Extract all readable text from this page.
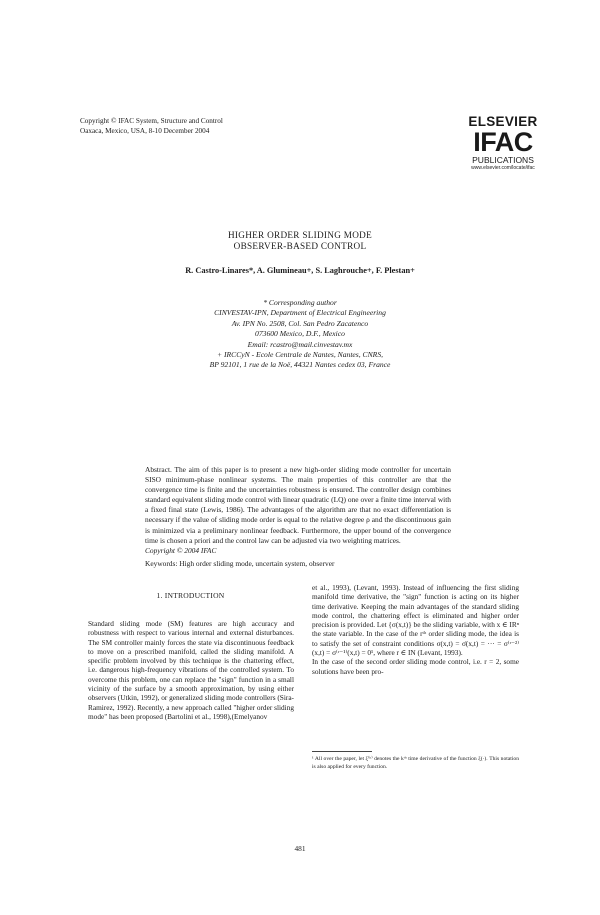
Copyright © IFAC System, Structure and Control
Oaxaca, Mexico, USA, 8-10 December 2004
ELSEVIER
IFAC
PUBLICATIONS
www.elsevier.com/locate/ifac
HIGHER ORDER SLIDING MODE
OBSERVER-BASED CONTROL
R. Castro-Linares*, A. Glumineau+, S. Laghrouche+, F. Plestan+
* Corresponding author
CINVESTAV-IPN, Department of Electrical Engineering
Av. IPN No. 2508, Col. San Pedro Zacatenco
073600 Mexico, D.F., Mexico
Email: rcastro@mail.cinvestav.mx
+ IRCCyN - Ecole Centrale de Nantes, Nantes, CNRS,
BP 92101, 1 rue de la Noë, 44321 Nantes cedex 03, France

Abstract. The aim of this paper is to present a new high-order sliding mode controller for uncertain SISO minimum-phase nonlinear systems. The main properties of this controller are that the convergence time is finite and the uncertainties robustness is ensured. The controller design combines standard equivalent sliding mode control with linear quadratic (LQ) one over a finite time interval with a fixed final state (Lewis, 1986). The advantages of the algorithm are that no exact differentiation is necessary if the value of sliding mode order is equal to the relative degree ρ and the discontinuous gain is minimized via a preliminary nonlinear feedback. Furthermore, the upper bound of the convergence time is chosen a priori and the control law can be adjusted via two weighting matrices.

Copyright © 2004 IFAC

Keywords: High order sliding mode, uncertain system, observer
1. INTRODUCTION

Standard sliding mode (SM) features are high accuracy and robustness with respect to various internal and external disturbances. The SM controller mainly forces the state via discontinuous feedback to move on a prescribed manifold, called the sliding manifold. A specific problem involved by this technique is the chattering effect, i.e. dangerous high-frequency vibrations of the controlled system. To overcome this problem, one can replace the "sign" function in a small vicinity of the surface by a smooth approximation, by using either observers (Utkin, 1992), or generalized sliding mode controllers (Sira-Ramirez, 1992). Recently, a new approach called "higher order sliding mode" has been proposed (Bartolini et al., 1998),(Emelyanov

et al., 1993), (Levant, 1993). Instead of influencing the first sliding manifold time derivative, the "sign" function is acting on its higher time derivative. Keeping the main advantages of the standard sliding mode control, the chattering effect is eliminated and higher order precision is provided. Let {σ(x,t)} be the sliding variable, with x ∈ IRⁿ the state variable. In the case of the rᵗʰ order sliding mode, the idea is to satisfy the set of constraint conditions σ(x,t) = σ̇(x,t) = ··· = σ⁽ʳ⁻²⁾(x,t) = σ⁽ʳ⁻¹⁾(x,t) = 0¹, where r ∈ IN (Levant, 1993).

In the case of the second order sliding mode control, i.e. r = 2, some solutions have been pro-

¹ All over the paper, let ξ⁽ᵏ⁾ denotes the kᵗʰ time derivative of the function ξ(·). This notation is also applied for every function.
481
